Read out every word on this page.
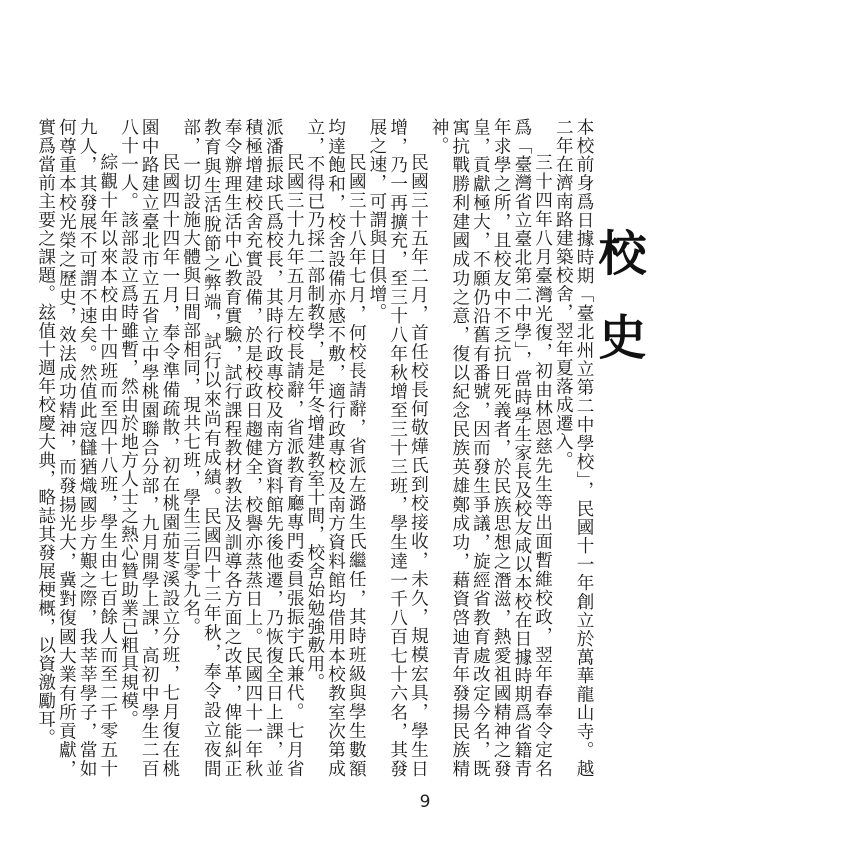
校史

本校前身爲日據時期「臺北州立第二中學校」，民國十一年創立於萬華龍山寺。越二年在濟南路建築校舍，翌年夏落成遷入。

三十四年八月臺灣光復，初由林恩慈先生等出面暫維校政，翌年春奉令定名爲「臺灣省立臺北第二中學」，當時學生家長及校友咸以本校在日據時期爲省籍青年求學之所，且校友中不乏抗日死義者，於民族思想之潛滋，熱愛祖國精神之發皇，貢獻極大，不願仍沿舊有番號，因而發生爭議，旋經省教育處改定今名，既寓抗戰勝利建國成功之意，復以紀念民族英雄鄭成功，藉資啓迪青年發揚民族精神。

民國三十五年二月，首任校長何敬燁氏到校接收，未久，規模宏具，學生日增，乃一再擴充，至三十八年秋增至三十三班，學生達一千八百七十六名，其發展之速，可謂與日俱增。

民國三十八年七月，何校長請辭，省派左潞生氏繼任，其時班級與學生數額均達飽和，校舍設備亦感不敷，適行政專校及南方資料館均借用本校教室次第成立，不得已乃採二部制教學，是年冬增建教室十間，校舍始勉強敷用。

民國三十九年五月左校長請辭，省派教育廳專門委員張振宇氏兼代。七月省派潘振球氏爲校長，其時行政專校及南方資料館先後他遷，乃恢復全日上課，並積極增建校舍充實設備，於是校政日趨健全，校譽亦蒸蒸日上。民國四十一年秋奉令辦理生活中心教育實驗，試行課程教材教法及訓導各方面之改革，俾能糾正教育與生活脫節之弊端，試行以來尚有成績。民國四十三年秋，奉令設立夜間部，一切設施大體與日間部相同，現共七班，學生三百零九名。

民國四十四年一月，奉令準備疏散，初在桃園茄苳溪設立分班，七月復在桃園中路建立臺北市立五省立中學桃園聯合分部，九月開學上課，高初中學生二百八十一人。該部設立爲時雖暫，然由於地方人士之熱心贊助業已粗具規模。

綜觀十年以來本校由十四班而至四十八班，學生由七百餘人而至二千零五十九人，其發展不可謂不速矣。然值此寇讎猶熾國步方艱之際，我莘莘學子，當如何尊重本校光榮之歷史，效法成功精神，而發揚光大，冀對復國大業有所貢獻，實爲當前主要之課題。玆值十週年校慶大典，略誌其發展梗概，以資激勵耳。

9
